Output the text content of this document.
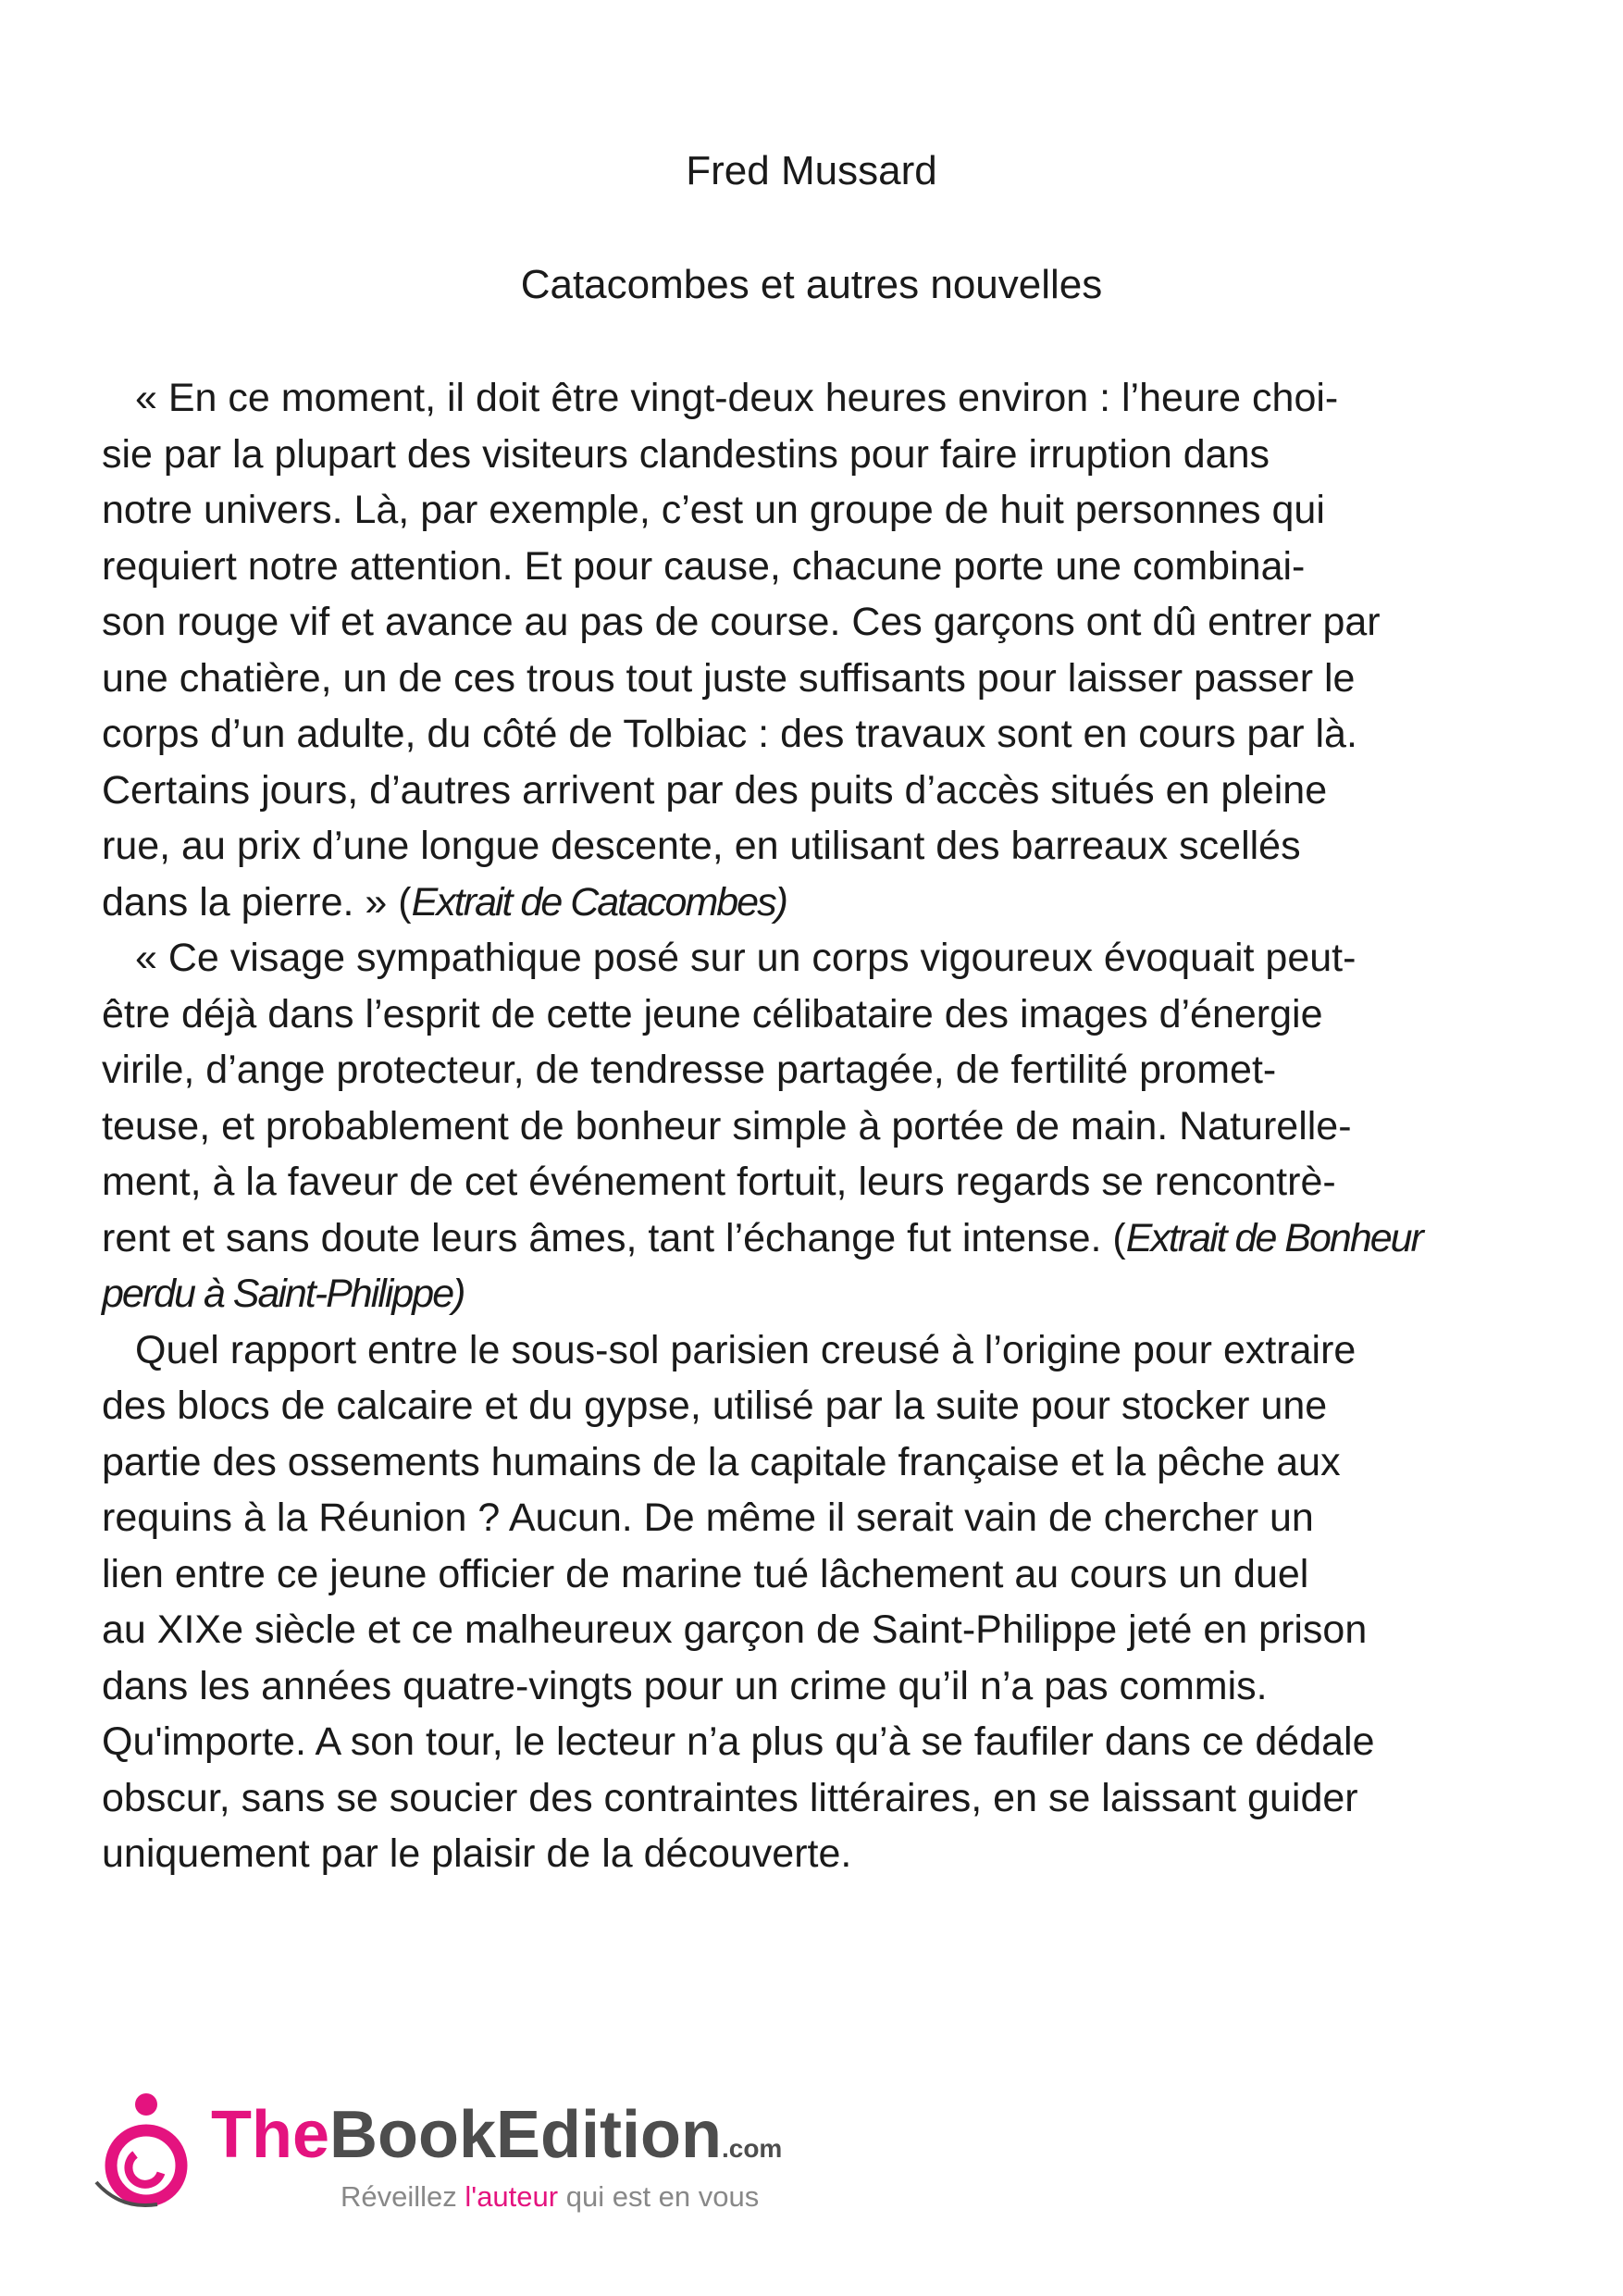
Fred Mussard
Catacombes et autres nouvelles

« En ce moment, il doit être vingt-deux heures environ : l’heure choi-
sie par la plupart des visiteurs clandestins pour faire irruption dans
notre univers. Là, par exemple, c’est un groupe de huit personnes qui
requiert notre attention. Et pour cause, chacune porte une combinai-
son rouge vif et avance au pas de course. Ces garçons ont dû entrer par
une chatière, un de ces trous tout juste suffisants pour laisser passer le
corps d’un adulte, du côté de Tolbiac : des travaux sont en cours par là.
Certains jours, d’autres arrivent par des puits d’accès situés en pleine
rue, au prix d’une longue descente, en utilisant des barreaux scellés
dans la pierre. » (Extrait de Catacombes)

« Ce visage sympathique posé sur un corps vigoureux évoquait peut-
être déjà dans l’esprit de cette jeune célibataire des images d’énergie
virile, d’ange protecteur, de tendresse partagée, de fertilité promet-
teuse, et probablement de bonheur simple à portée de main. Naturelle-
ment, à la faveur de cet événement fortuit, leurs regards se rencontrè-
rent et sans doute leurs âmes, tant l’échange fut intense. (Extrait de Bonheur
perdu à Saint-Philippe)

Quel rapport entre le sous-sol parisien creusé à l’origine pour extraire
des blocs de calcaire et du gypse, utilisé par la suite pour stocker une
partie des ossements humains de la capitale française et la pêche aux
requins à la Réunion ? Aucun. De même il serait vain de chercher un
lien entre ce jeune officier de marine tué lâchement au cours un duel
au XIXe siècle et ce malheureux garçon de Saint-Philippe jeté en prison
dans les années quatre-vingts pour un crime qu’il n’a pas commis.
Qu'importe. A son tour, le lecteur n’a plus qu’à se faufiler dans ce dédale
obscur, sans se soucier des contraintes littéraires, en se laissant guider
uniquement par le plaisir de la découverte.

TheBookEdition.com
Réveillez l'auteur qui est en vous
